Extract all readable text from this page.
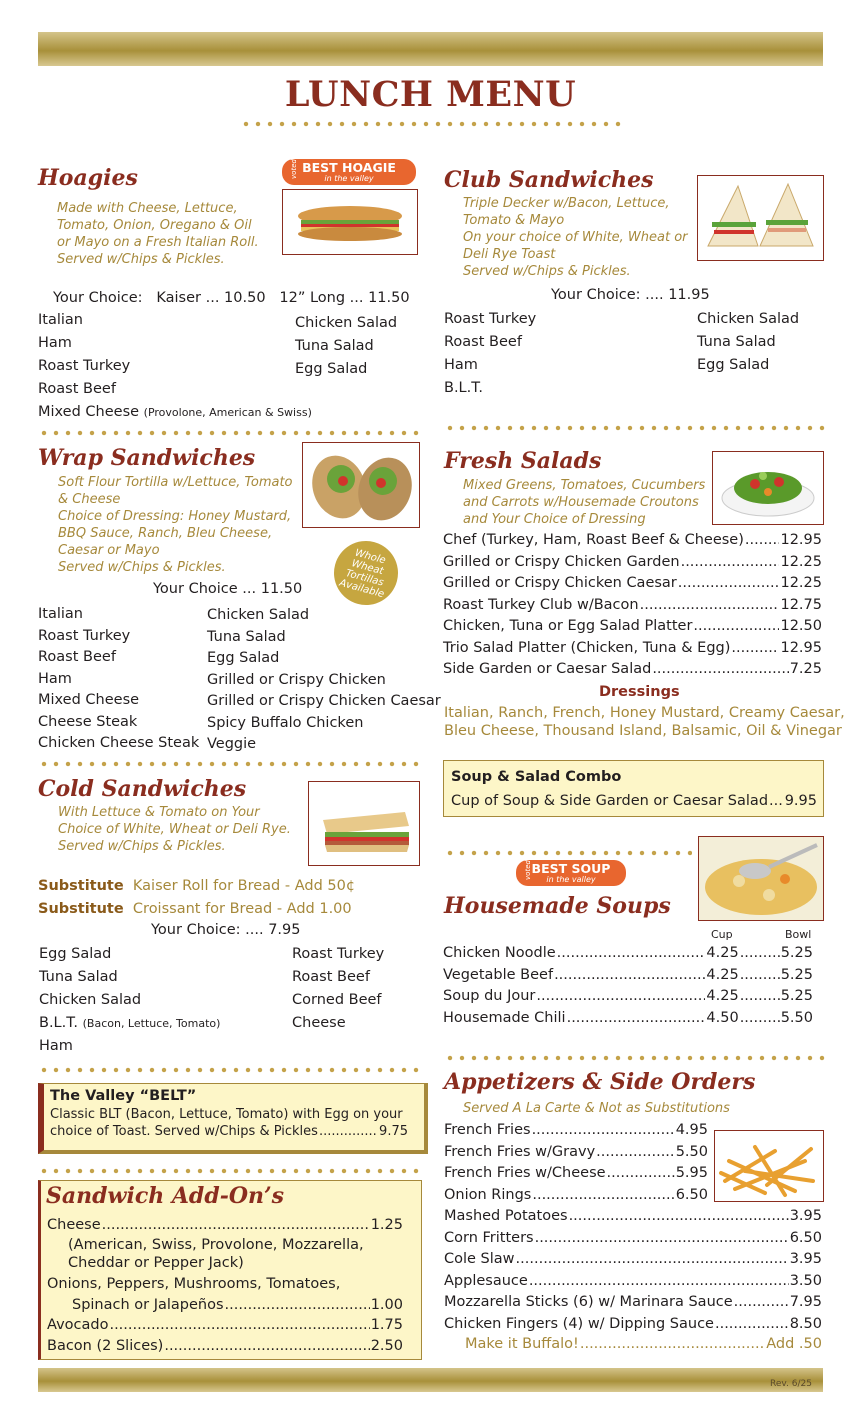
LUNCH MENU
Hoagies	voted BEST HOAGIE
in the valley
Made with Cheese, Lettuce,
Tomato, Onion, Oregano & Oil
or Mayo on a Fresh Italian Roll.
Served w/Chips & Pickles.
Your Choice:   Kaiser ... 10.50   12” Long ... 11.50
Italian
Ham
Roast Turkey
Roast Beef
Mixed Cheese (Provolone, American & Swiss)
Chicken Salad
Tuna Salad
Egg Salad
Club Sandwiches
Triple Decker w/Bacon, Lettuce,
Tomato & Mayo
On your choice of White, Wheat or
Deli Rye Toast
Served w/Chips & Pickles.
Your Choice: .... 11.95
Roast Turkey
Roast Beef
Ham
B.L.T.
Chicken Salad
Tuna Salad
Egg Salad
Wrap Sandwiches
Soft Flour Tortilla w/Lettuce, Tomato
& Cheese
Choice of Dressing: Honey Mustard,
BBQ Sauce, Ranch, Bleu Cheese,
Caesar or Mayo
Served w/Chips & Pickles.
Whole
Wheat
Tortillas
Available
Your Choice ... 11.50
Italian
Roast Turkey
Roast Beef
Ham
Mixed Cheese
Cheese Steak
Chicken Cheese Steak
Chicken Salad
Tuna Salad
Egg Salad
Grilled or Crispy Chicken
Grilled or Crispy Chicken Caesar
Spicy Buffalo Chicken
Veggie
Fresh Salads
Mixed Greens, Tomatoes, Cucumbers
and Carrots w/Housemade Croutons
and Your Choice of Dressing
Chef (Turkey, Ham, Roast Beef & Cheese) .....	12.95
Grilled or Crispy Chicken Garden .....	12.25
Grilled or Crispy Chicken Caesar .....	12.25
Roast Turkey Club w/Bacon .....	12.75
Chicken, Tuna or Egg Salad Platter .....	12.50
Trio Salad Platter (Chicken, Tuna & Egg) .....	12.95
Side Garden or Caesar Salad .....	7.25
Dressings
Italian, Ranch, French, Honey Mustard, Creamy Caesar,
Bleu Cheese, Thousand Island, Balsamic, Oil & Vinegar
Soup & Salad Combo
Cup of Soup & Side Garden or Caesar Salad ..... 9.95
Cold Sandwiches
With Lettuce & Tomato on Your
Choice of White, Wheat or Deli Rye.
Served w/Chips & Pickles.
Substitute Kaiser Roll for Bread - Add 50¢
Substitute Croissant for Bread - Add 1.00
Your Choice: .... 7.95
Egg Salad
Tuna Salad
Chicken Salad
B.L.T. (Bacon, Lettuce, Tomato)
Ham
Roast Turkey
Roast Beef
Corned Beef
Cheese
voted BEST SOUP
in the valley
Housemade Soups
Cup	Bowl
Chicken Noodle .....	4.25 .....	5.25
Vegetable Beef .....	4.25 .....	5.25
Soup du Jour .....	4.25 .....	5.25
Housemade Chili .....	4.50 .....	5.50
The Valley “BELT”
Classic BLT (Bacon, Lettuce, Tomato) with Egg on your
choice of Toast. Served w/Chips & Pickles .....	9.75
Sandwich Add-On’s
Cheese .....	1.25
(American, Swiss, Provolone, Mozzarella,
Cheddar or Pepper Jack)
Onions, Peppers, Mushrooms, Tomatoes,
Spinach or Jalapeños .....	1.00
Avocado .....	1.75
Bacon (2 Slices) .....	2.50
Appetizers & Side Orders
Served A La Carte & Not as Substitutions
French Fries .....	4.95
French Fries w/Gravy .....	5.50
French Fries w/Cheese .....	5.95
Onion Rings .....	6.50
Mashed Potatoes .....	3.95
Corn Fritters .....	6.50
Cole Slaw .....	3.95
Applesauce .....	3.50
Mozzarella Sticks (6) w/ Marinara Sauce .....	7.95
Chicken Fingers (4) w/ Dipping Sauce .....	8.50
Make it Buffalo! .....	Add .50
Rev. 6/25
